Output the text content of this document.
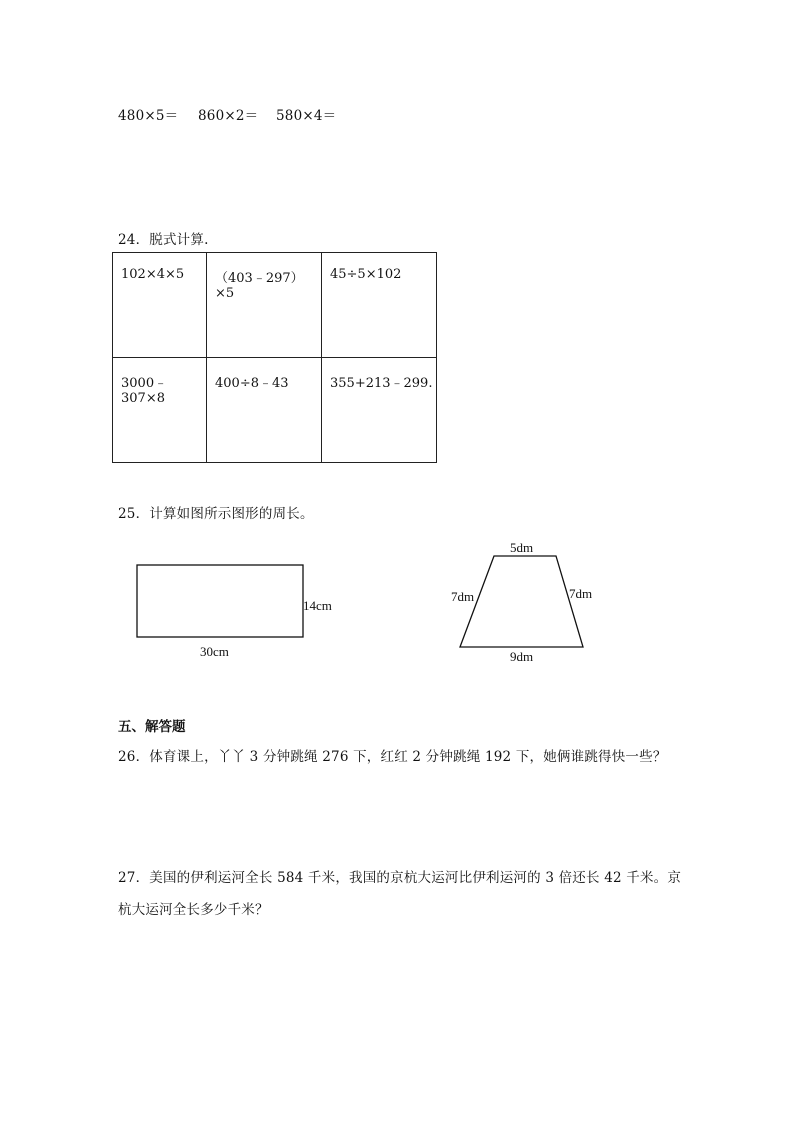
480×5＝ 860×2＝ 580×4＝
24．脱式计算.
102×4×5	（403﹣297）×5	45÷5×102
3000﹣307×8	400÷8﹣43	355+213﹣299.
25．计算如图所示图形的周长。
14cm
30cm
5dm
7dm	7dm
9dm
五、解答题
26．体育课上，丫丫 3 分钟跳绳 276 下，红红 2 分钟跳绳 192 下，她俩谁跳得快一些？
27．美国的伊利运河全长 584 千米，我国的京杭大运河比伊利运河的 3 倍还长 42 千米。京
杭大运河全长多少千米？
